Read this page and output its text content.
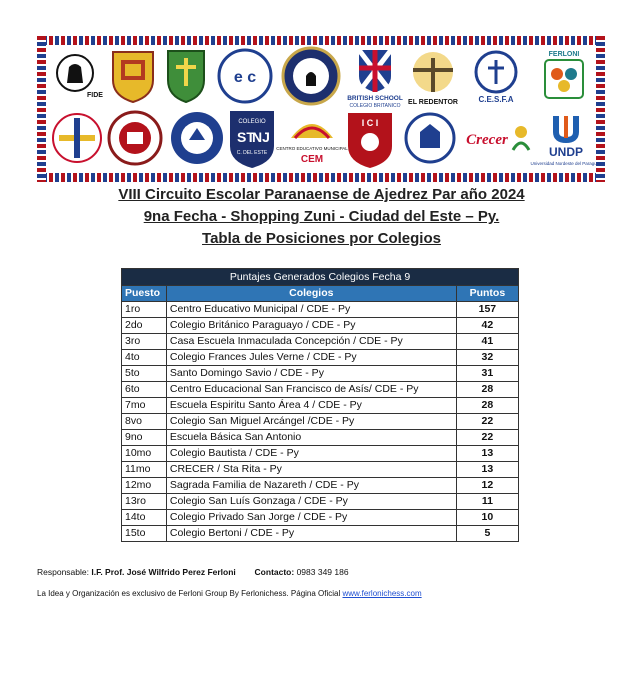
FIDE
e c
BRITISH SCHOOL
COLEGIO BRITANICO EL REDENTOR	C.E.S.F.A
FERLONI
COLEGIO
ST
NJ
C. DEL ESTE
CENTRO EDUCATIVO MUNICIPAL
CEM
I C I
Crecer
UNDP
Universidad Nordeste del Paraguay
VIII Circuito Escolar Paranaense de Ajedrez Par año 2024
9na Fecha - Shopping Zuni - Ciudad del Este – Py.
Tabla de Posiciones por Colegios
Puntajes Generados Colegios Fecha 9		
Puesto	Colegios	Puntos
1ro	Centro Educativo Municipal / CDE - Py	157
2do	Colegio Británico Paraguayo / CDE - Py	42
3ro	Casa Escuela Inmaculada Concepción / CDE - Py	41
4to	Colegio Frances Jules Verne / CDE - Py	32
5to	Santo Domingo Savio / CDE - Py	31
6to	Centro Educacional San Francisco de Asís/ CDE - Py	28
7mo	Escuela Espiritu Santo Área 4 / CDE - Py	28
8vo	Colegio San Miguel Arcángel /CDE - Py	22
9no	Escuela Básica San Antonio	22
10mo	Colegio Bautista / CDE - Py	13
11mo	CRECER / Sta Rita - Py	13
12mo	Sagrada Familia de Nazareth / CDE - Py	12
13ro	Colegio San Luís Gonzaga / CDE - Py	11
14to	Colegio Privado San Jorge / CDE - Py	10
15to	Colegio Bertoni / CDE - Py	5
Responsable: I.F. Prof. José Wilfrido Perez Ferloni Contacto: 0983 349 186
La Idea y Organización es exclusivo de Ferloni Group By Ferlonichess. Página Oficial www.ferlonichess.com
